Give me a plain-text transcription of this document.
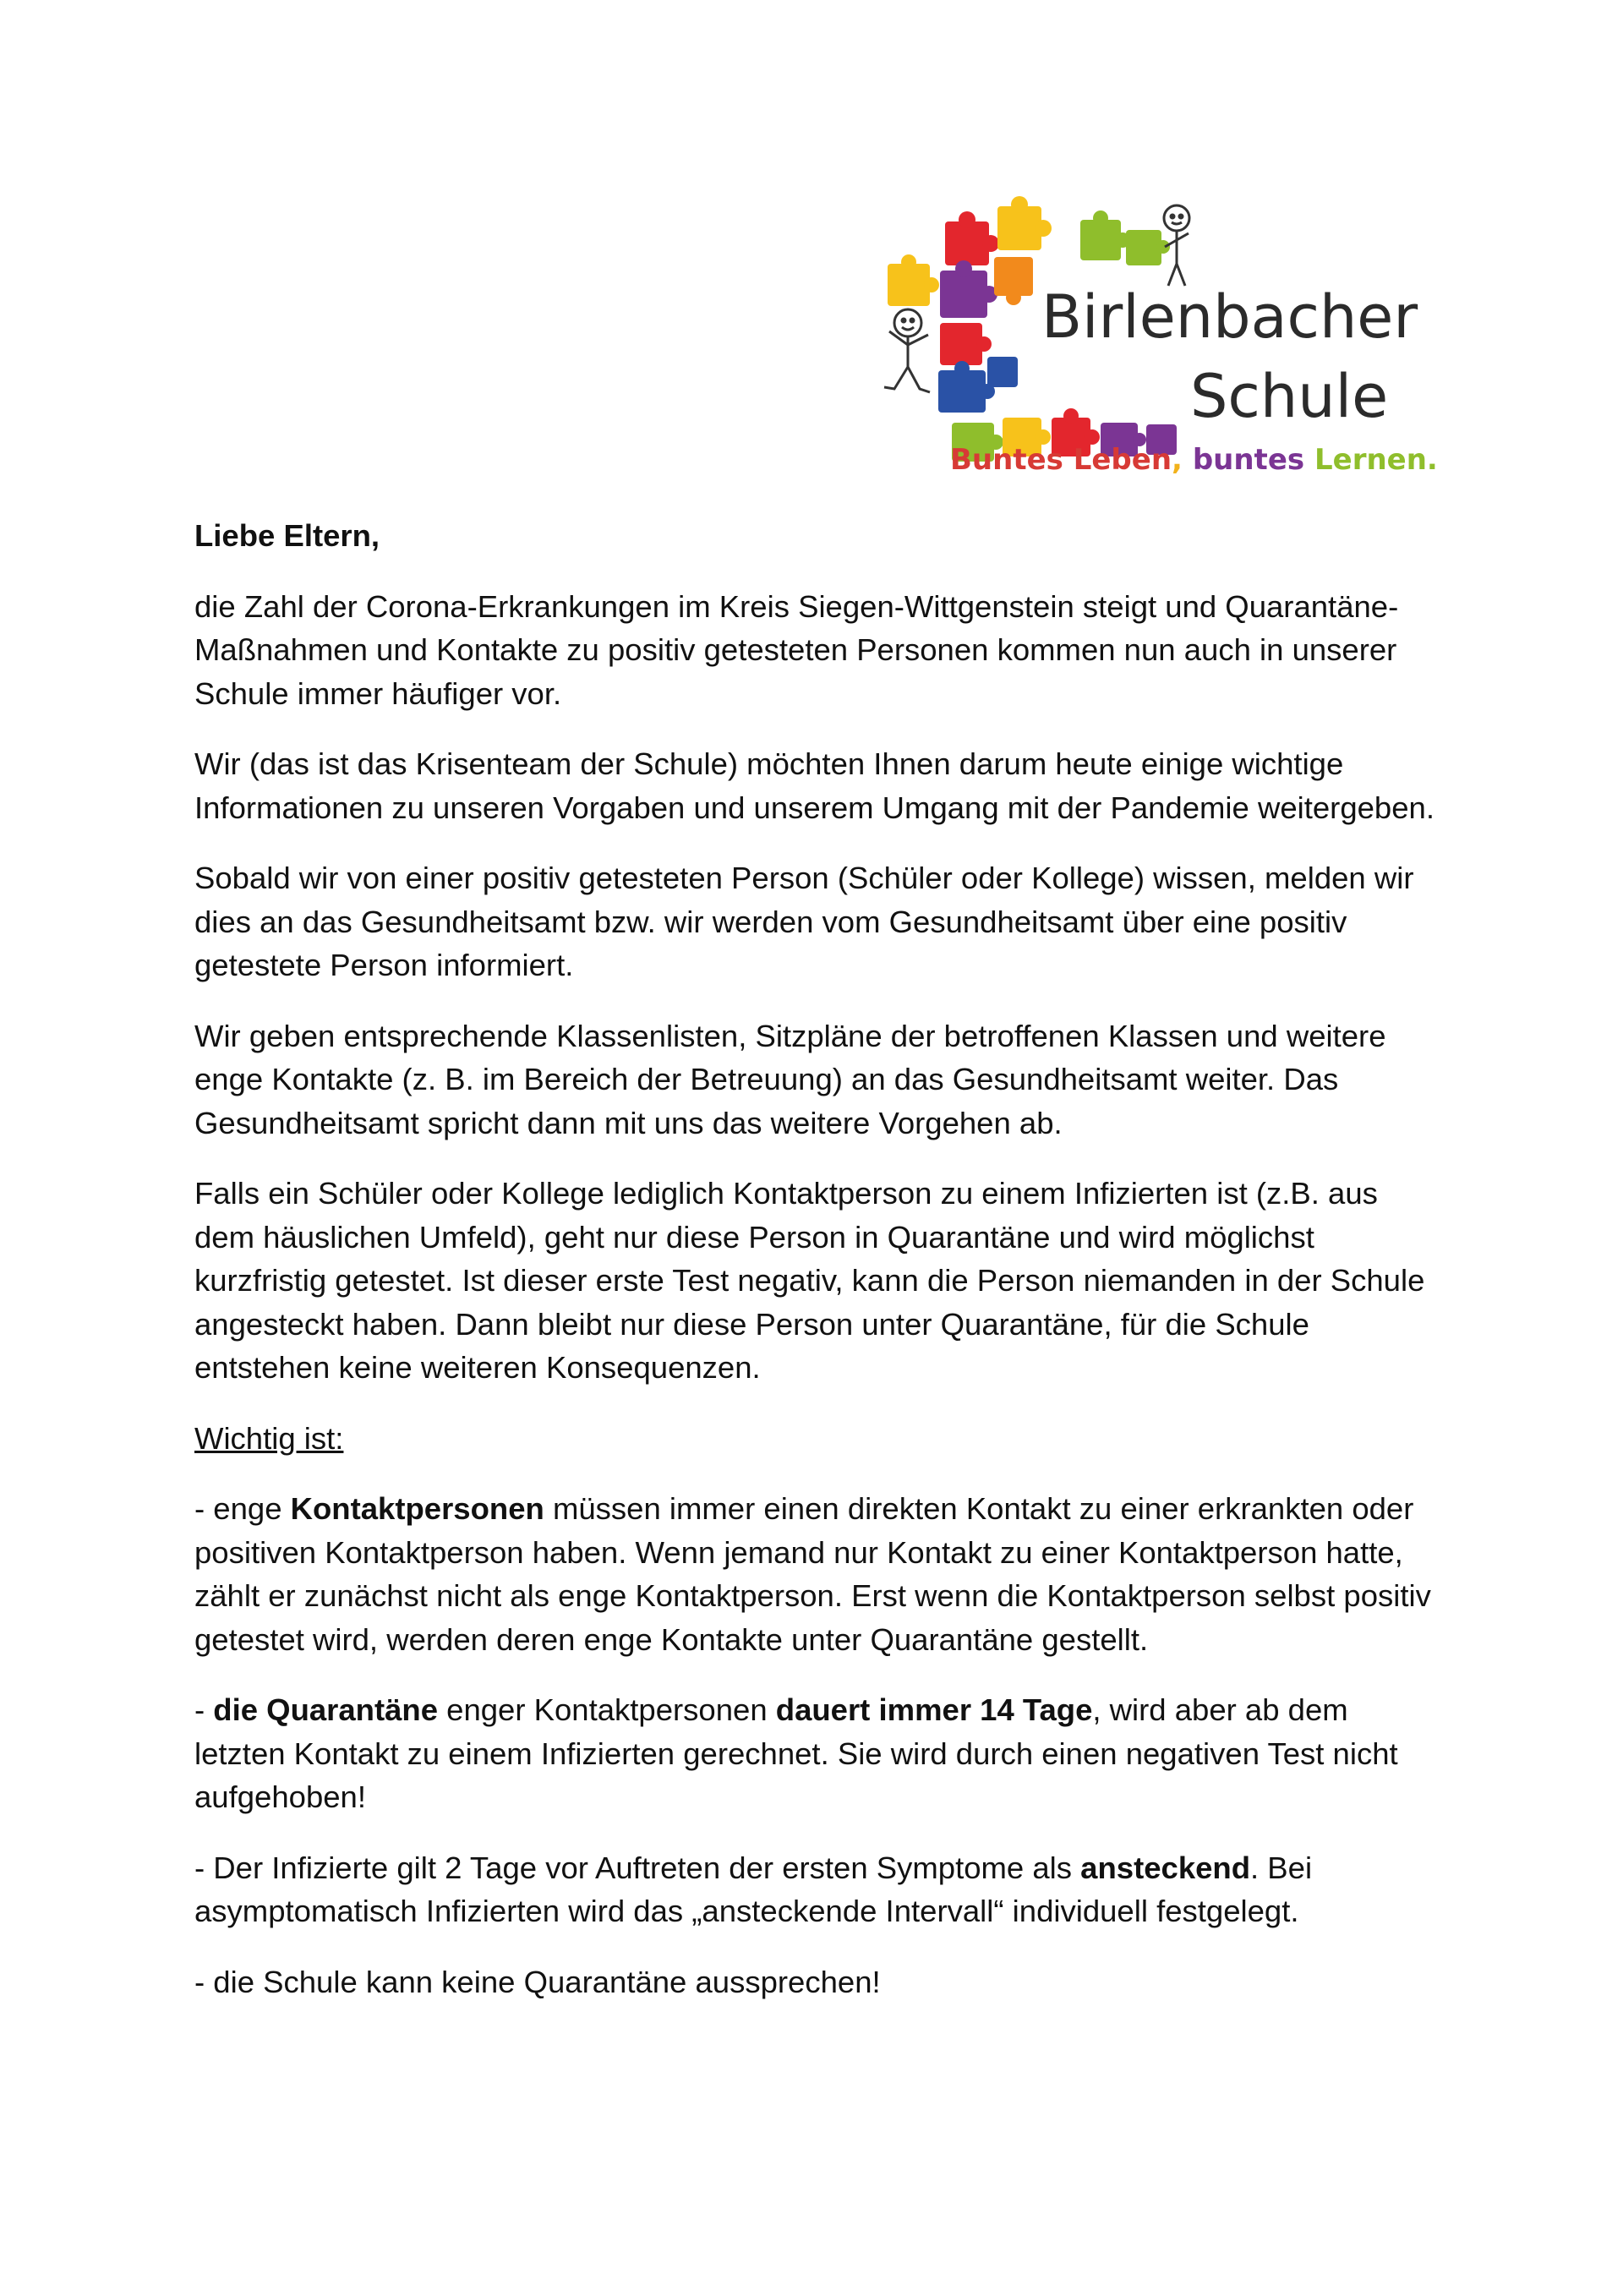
Birlenbacher
Schule
Buntes Leben, buntes Lernen.

Liebe Eltern,

die Zahl der Corona-Erkrankungen im Kreis Siegen-Wittgenstein steigt und Quarantäne-Maßnahmen und Kontakte zu positiv getesteten Personen kommen nun auch in unserer Schule immer häufiger vor.

Wir (das ist das Krisenteam der Schule) möchten Ihnen darum heute einige wichtige Informationen zu unseren Vorgaben und unserem Umgang mit der Pandemie weitergeben.

Sobald wir von einer positiv getesteten Person (Schüler oder Kollege) wissen, melden wir dies an das Gesundheitsamt bzw. wir werden vom Gesundheitsamt über eine positiv getestete Person informiert.

Wir geben entsprechende Klassenlisten, Sitzpläne der betroffenen Klassen und weitere enge Kontakte (z. B. im Bereich der Betreuung) an das Gesundheitsamt weiter. Das Gesundheitsamt spricht dann mit uns das weitere Vorgehen ab.

Falls ein Schüler oder Kollege lediglich Kontaktperson zu einem Infizierten ist (z.B. aus dem häuslichen Umfeld), geht nur diese Person in Quarantäne und wird möglichst kurzfristig getestet. Ist dieser erste Test negativ, kann die Person niemanden in der Schule angesteckt haben. Dann bleibt nur diese Person unter Quarantäne, für die Schule entstehen keine weiteren Konsequenzen.

Wichtig ist:

- enge Kontaktpersonen müssen immer einen direkten Kontakt zu einer erkrankten oder positiven Kontaktperson haben. Wenn jemand nur Kontakt zu einer Kontaktperson hatte, zählt er zunächst nicht als enge Kontaktperson. Erst wenn die Kontaktperson selbst positiv getestet wird, werden deren enge Kontakte unter Quarantäne gestellt.

- die Quarantäne enger Kontaktpersonen dauert immer 14 Tage, wird aber ab dem letzten Kontakt zu einem Infizierten gerechnet. Sie wird durch einen negativen Test nicht aufgehoben!

- Der Infizierte gilt 2 Tage vor Auftreten der ersten Symptome als ansteckend. Bei asymptomatisch Infizierten wird das „ansteckende Intervall“ individuell festgelegt.

- die Schule kann keine Quarantäne aussprechen!
